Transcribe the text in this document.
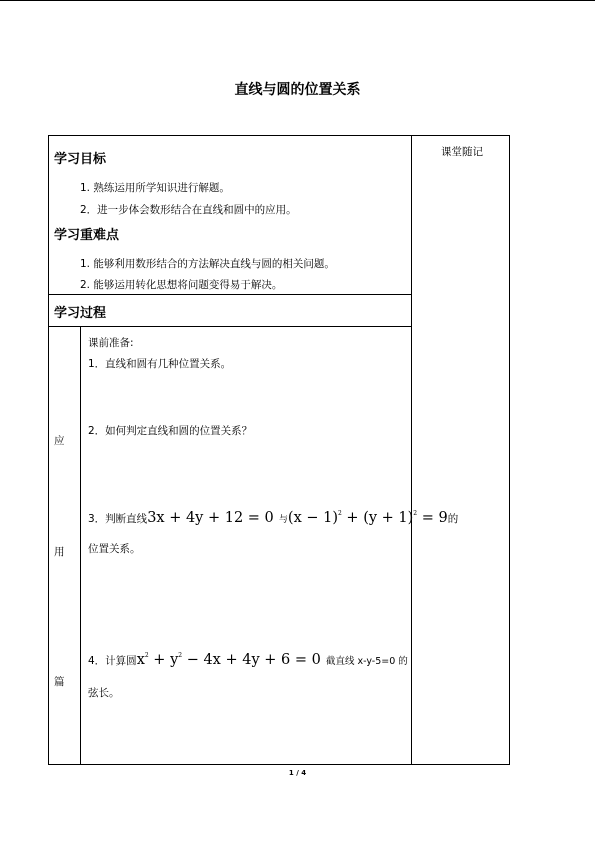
直线与圆的位置关系
课堂随记
学习目标
1. 熟练运用所学知识进行解题。
2．进一步体会数形结合在直线和圆中的应用。
学习重难点
1. 能够利用数形结合的方法解决直线与圆的相关问题。
2. 能够运用转化思想将问题变得易于解决。
学习过程
应
用
篇
课前准备:
1．直线和圆有几种位置关系。
2．如何判定直线和圆的位置关系？
3．判断直线3x + 4y + 12 = 0 与$(x - 1)^2 + (y + 1)^2 = 9$的
位置关系。
4．计算圆$x^2 + y^2 - 4x + 4y + 6 = 0$ 截直线 x-y-5=0 的
弦长。
1 / 4
